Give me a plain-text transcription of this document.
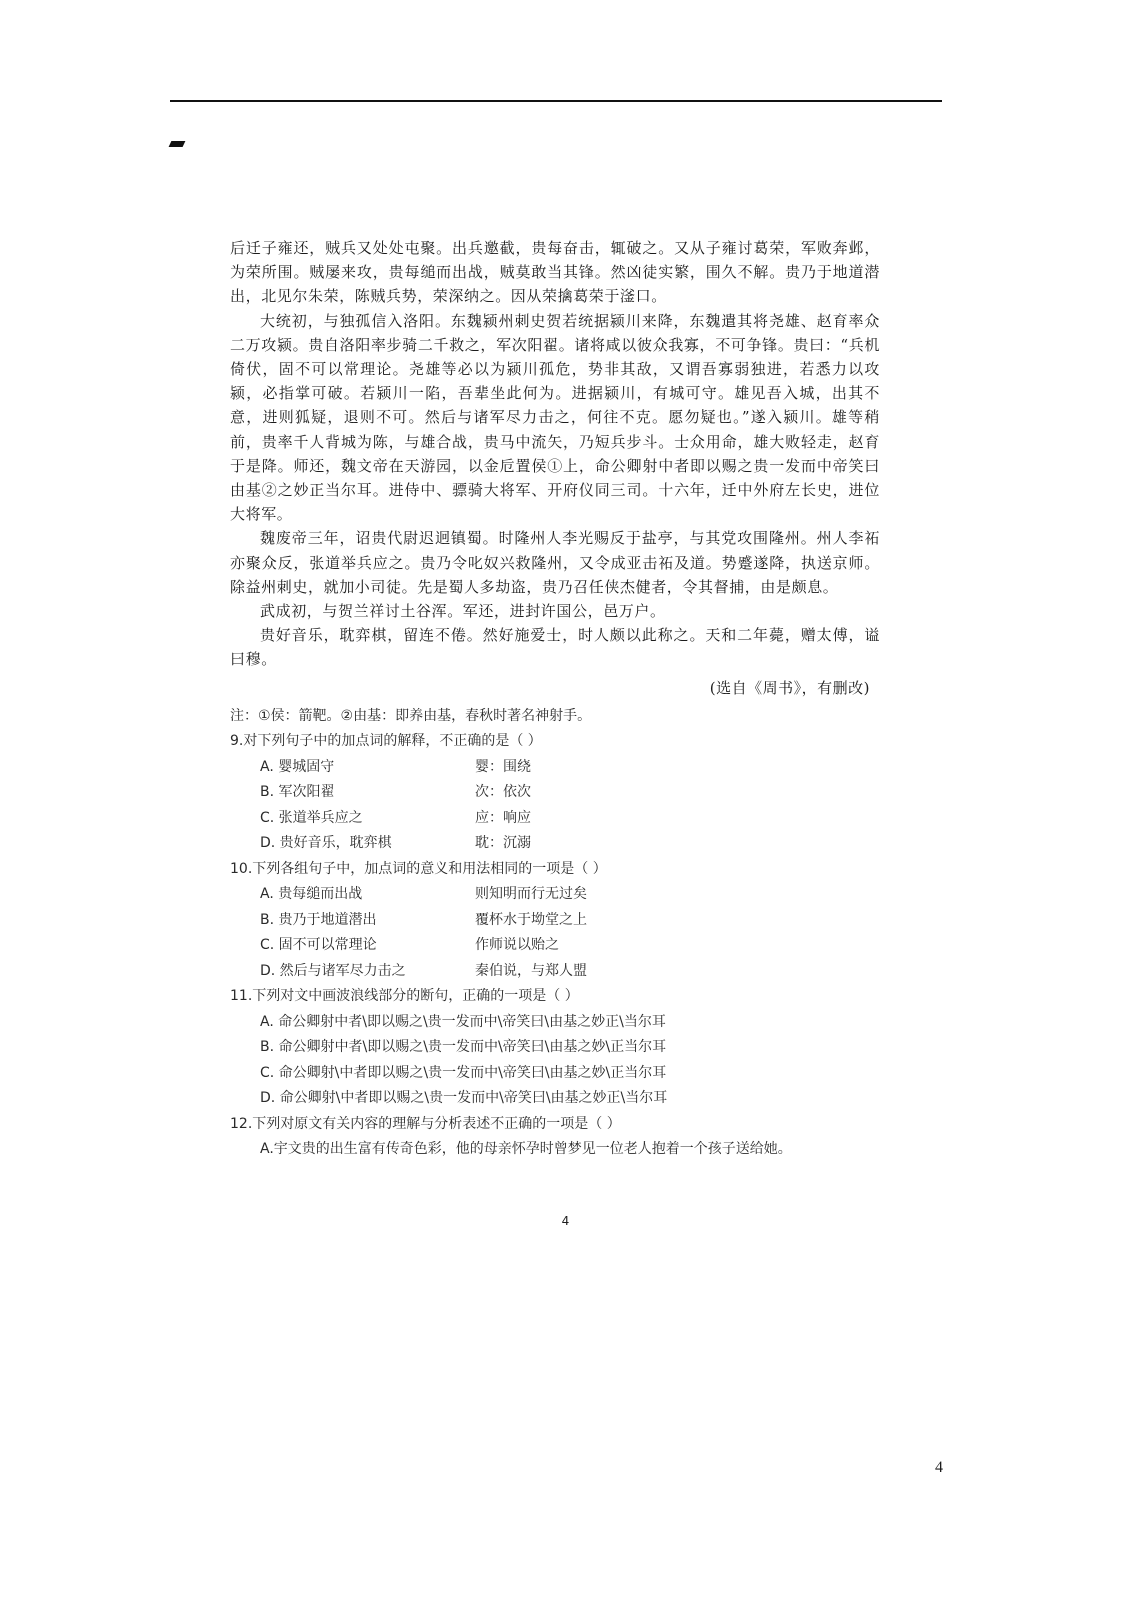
后迁子雍还，贼兵又处处屯聚。出兵邀截，贵每奋击，辄破之。又从子雍讨葛荣，军败奔邺，为荣所围。贼屡来攻，贵每缒而出战，贼莫敢当其锋。然凶徒实繁，围久不解。贵乃于地道潜出，北见尔朱荣，陈贼兵势，荣深纳之。因从荣擒葛荣于滏口。

大统初，与独孤信入洛阳。东魏颍州刺史贺若统据颍川来降，东魏遣其将尧雄、赵育率众二万攻颍。贵自洛阳率步骑二千救之，军次阳翟。诸将咸以彼众我寡，不可争锋。贵曰：“兵机倚伏，固不可以常理论。尧雄等必以为颍川孤危，势非其敌，又谓吾寡弱独进，若悉力以攻颍，必指掌可破。若颍川一陷，吾辈坐此何为。进据颍川，有城可守。雄见吾入城，出其不意，进则狐疑，退则不可。然后与诸军尽力击之，何往不克。愿勿疑也。”遂入颍川。雄等稍前，贵率千人背城为陈，与雄合战，贵马中流矢，乃短兵步斗。士众用命，雄大败轻走，赵育于是降。师还，魏文帝在天游园，以金卮置侯①上，命公卿射中者即以赐之贵一发而中帝笑曰由基②之妙正当尔耳。进侍中、骠骑大将军、开府仪同三司。十六年，迁中外府左长史，进位大将军。

魏废帝三年，诏贵代尉迟迥镇蜀。时隆州人李光赐反于盐亭，与其党攻围隆州。州人李祏亦聚众反，张道举兵应之。贵乃令叱奴兴救隆州，又令成亚击祏及道。势蹙遂降，执送京师。除益州刺史，就加小司徒。先是蜀人多劫盗，贵乃召任侠杰健者，令其督捕，由是颇息。

武成初，与贺兰祥讨土谷浑。军还，进封许国公，邑万户。

贵好音乐，耽弈棋，留连不倦。然好施爱士，时人颇以此称之。天和二年薨，赠太傅，谥曰穆。

(选自《周书》，有删改)
注：①侯：箭靶。②由基：即养由基，春秋时著名神射手。
9.对下列句子中的加点词的解释，不正确的是（ ）
A. 婴城固守	婴：围绕
B. 军次阳翟	次：依次
C. 张道举兵应之	应：响应
D. 贵好音乐，耽弈棋	耽：沉溺
10.下列各组句子中，加点词的意义和用法相同的一项是（ ）
A. 贵每缒而出战	则知明而行无过矣
B. 贵乃于地道潜出	覆杯水于坳堂之上
C. 固不可以常理论	作师说以贻之
D. 然后与诸军尽力击之	秦伯说，与郑人盟
11.下列对文中画波浪线部分的断句，正确的一项是（ ）
A. 命公卿射中者\即以赐之\贵一发而中\帝笑曰\由基之妙正\当尔耳
B. 命公卿射中者\即以赐之\贵一发而中\帝笑曰\由基之妙\正当尔耳
C. 命公卿射\中者即以赐之\贵一发而中\帝笑曰\由基之妙\正当尔耳
D. 命公卿射\中者即以赐之\贵一发而中\帝笑曰\由基之妙正\当尔耳
12.下列对原文有关内容的理解与分析表述不正确的一项是（ ）
A.宇文贵的出生富有传奇色彩，他的母亲怀孕时曾梦见一位老人抱着一个孩子送给她。
4
4
